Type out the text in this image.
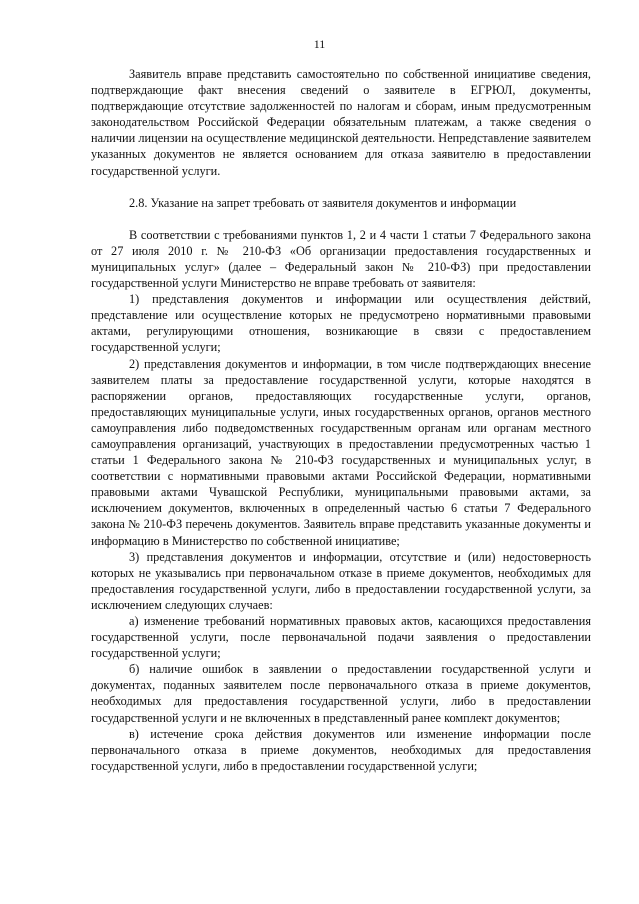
11

Заявитель вправе представить самостоятельно по собственной инициативе сведения, подтверждающие факт внесения сведений о заявителе в ЕГРЮЛ, документы, подтверждающие отсутствие задолженностей по налогам и сборам, иным предусмотренным законодательством Российской Федерации обязательным платежам, а также сведения о наличии лицензии на осуществление медицинской деятельности. Непредставление заявителем указанных документов не является основанием для отказа заявителю в предоставлении государственной услуги.

2.8. Указание на запрет требовать от заявителя документов и информации

В соответствии с требованиями пунктов 1, 2 и 4 части 1 статьи 7 Федерального закона от 27 июля 2010 г. № 210-ФЗ «Об организации предоставления государственных и муниципальных услуг» (далее – Федеральный закон № 210-ФЗ) при предоставлении государственной услуги Министерство не вправе требовать от заявителя:

1) представления документов и информации или осуществления действий, представление или осуществление которых не предусмотрено нормативными правовыми актами, регулирующими отношения, возникающие в связи с предоставлением государственной услуги;

2) представления документов и информации, в том числе подтверждающих внесение заявителем платы за предоставление государственной услуги, которые находятся в распоряжении органов, предоставляющих государственные услуги, органов, предоставляющих муниципальные услуги, иных государственных органов, органов местного самоуправления либо подведомственных государственным органам или органам местного самоуправления организаций, участвующих в предоставлении предусмотренных частью 1 статьи 1 Федерального закона № 210-ФЗ государственных и муниципальных услуг, в соответствии с нормативными правовыми актами Российской Федерации, нормативными правовыми актами Чувашской Республики, муниципальными правовыми актами, за исключением документов, включенных в определенный частью 6 статьи 7 Федерального закона № 210-ФЗ перечень документов. Заявитель вправе представить указанные документы и информацию в Министерство по собственной инициативе;

3) представления документов и информации, отсутствие и (или) недостоверность которых не указывались при первоначальном отказе в приеме документов, необходимых для предоставления государственной услуги, либо в предоставлении государственной услуги, за исключением следующих случаев:

а) изменение требований нормативных правовых актов, касающихся предоставления государственной услуги, после первоначальной подачи заявления о предоставлении государственной услуги;

б) наличие ошибок в заявлении о предоставлении государственной услуги и документах, поданных заявителем после первоначального отказа в приеме документов, необходимых для предоставления государственной услуги, либо в предоставлении государственной услуги и не включенных в представленный ранее комплект документов;

в) истечение срока действия документов или изменение информации после первоначального отказа в приеме документов, необходимых для предоставления государственной услуги, либо в предоставлении государственной услуги;
